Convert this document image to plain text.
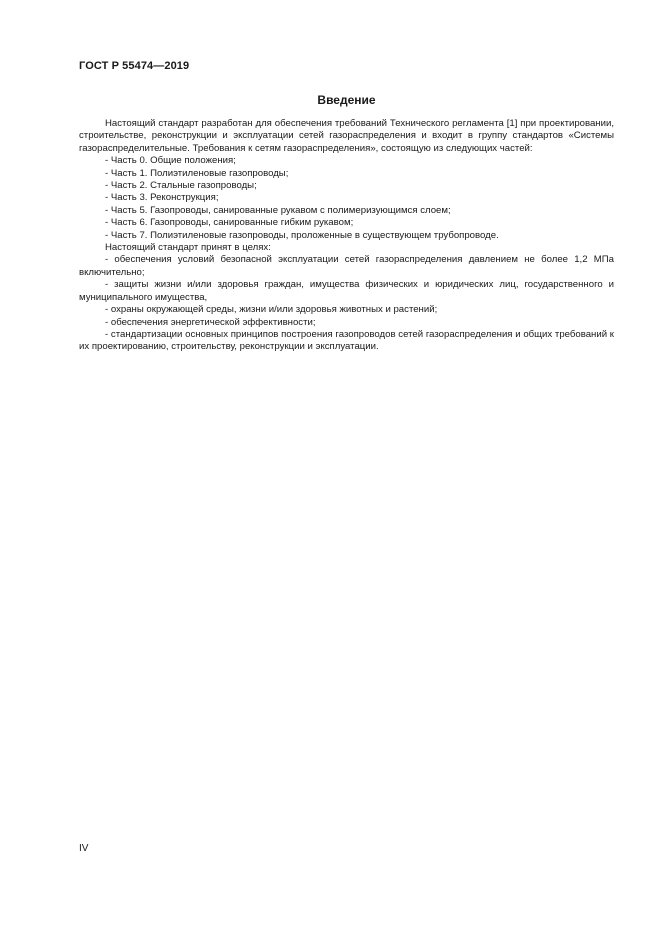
ГОСТ Р 55474—2019
Введение

Настоящий стандарт разработан для обеспечения требований Технического регламента [1] при проектировании, строительстве, реконструкции и эксплуатации сетей газораспределения и входит в группу стандартов «Системы газораспределительные. Требования к сетям газораспределения», состоящую из следующих частей:

- Часть 0. Общие положения;

- Часть 1. Полиэтиленовые газопроводы;

- Часть 2. Стальные газопроводы;

- Часть 3. Реконструкция;

- Часть 5. Газопроводы, санированные рукавом с полимеризующимся слоем;

- Часть 6. Газопроводы, санированные гибким рукавом;

- Часть 7. Полиэтиленовые газопроводы, проложенные в существующем трубопроводе.

Настоящий стандарт принят в целях:

- обеспечения условий безопасной эксплуатации сетей газораспределения давлением не более 1,2 МПа включительно;

- защиты жизни и/или здоровья граждан, имущества физических и юридических лиц, государственного и муниципального имущества,

- охраны окружающей среды, жизни и/или здоровья животных и растений;

- обеспечения энергетической эффективности;

- стандартизации основных принципов построения газопроводов сетей газораспределения и общих требований к их проектированию, строительству, реконструкции и эксплуатации.

IV
